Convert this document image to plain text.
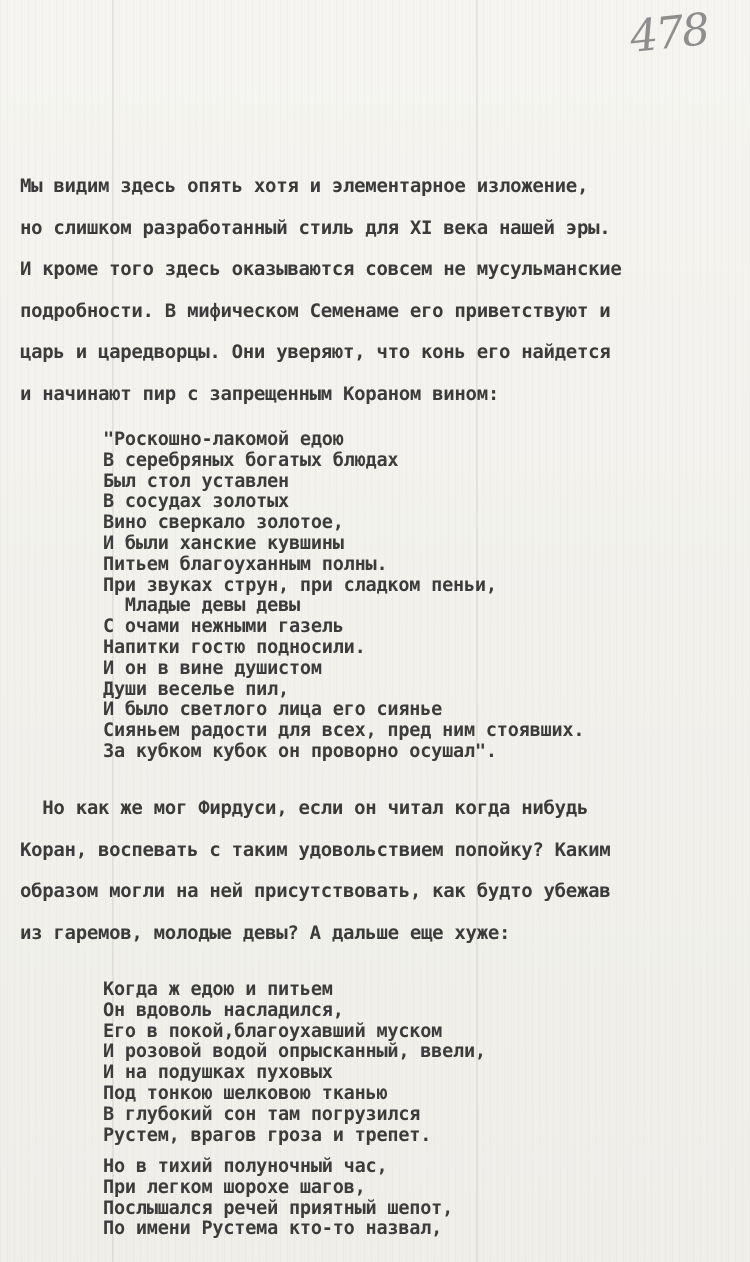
478
Мы видим здесь опять хотя и элементарное изложение,
но слишком разработанный стиль для XI века нашей эры.
И кроме того здесь оказываются совсем не мусульманские
подробности. В мифическом Семенаме его приветствуют и
царь и царедворцы. Они уверяют, что конь его найдется
и начинают пир с запрещенным Кораном вином:
"Роскошно-лакомой едою
В серебряных богатых блюдах
Был стол уставлен
В сосудах золотых
Вино сверкало золотое,
И были ханские кувшины
Питьем благоуханным полны.
При звуках струн, при сладком пеньи,
Младые девы девы
С очами нежными газель
Напитки гостю подносили.
И он в вине душистом
Души веселье пил,
И было светлого лица его сиянье
Сияньем радости для всех, пред ним стоявших.
За кубком кубок он проворно осушал".
Но как же мог Фирдуси, если он читал когда нибудь
Коран, воспевать с таким удовольствием попойку? Каким
образом могли на ней присутствовать, как будто убежав
из гаремов, молодые девы? А дальше еще хуже:
Когда ж едою и питьем
Он вдоволь насладился,
Его в покой,благоухавший муском
И розовой водой опрысканный, ввели,
И на подушках пуховых
Под тонкою шелковою тканью
В глубокий сон там погрузился
Рустем, врагов гроза и трепет.
Но в тихий полуночный час,
При легком шорохе шагов,
Послышался речей приятный шепот,
По имени Рустема кто-то назвал,
